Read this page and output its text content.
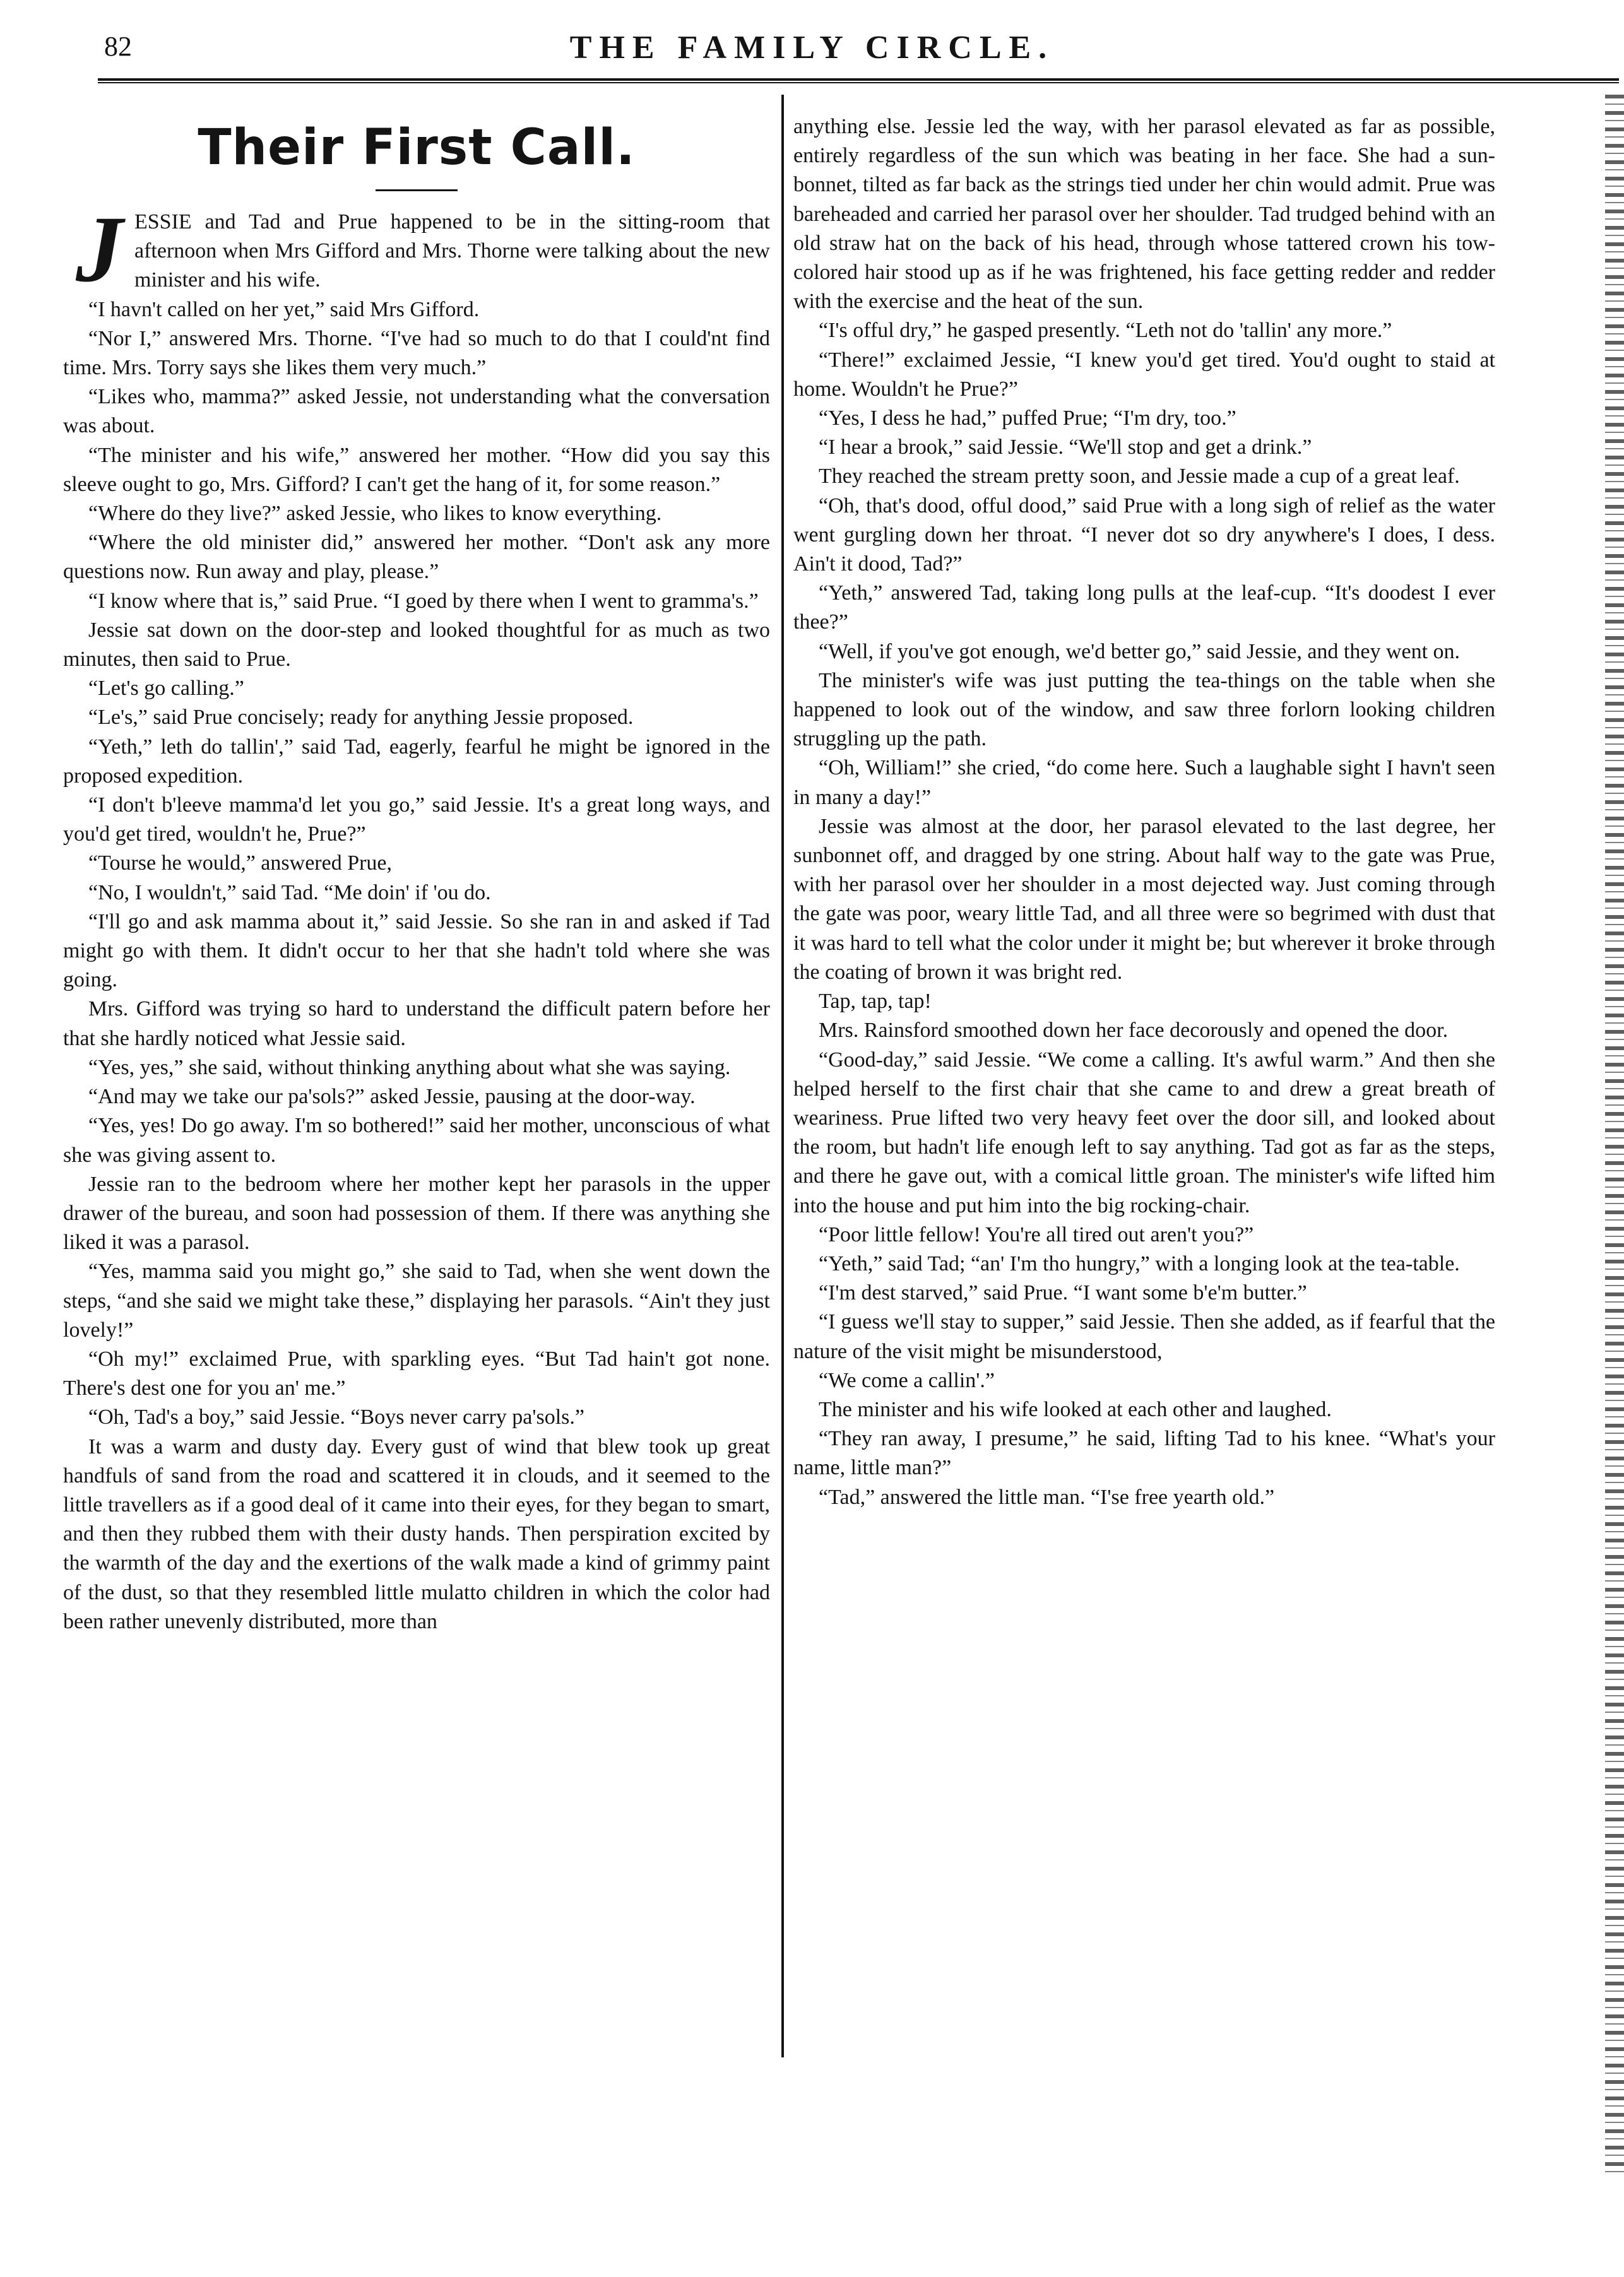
82	THE FAMILY CIRCLE.
Their First Call.

JESSIE and Tad and Prue happened to be in the sitting-room that afternoon when Mrs Gifford and Mrs. Thorne were talking about the new minister and his wife.

“I havn't called on her yet,” said Mrs Gifford.

“Nor I,” answered Mrs. Thorne. “I've had so much to do that I could'nt find time. Mrs. Torry says she likes them very much.”

“Likes who, mamma?” asked Jessie, not understanding what the conversation was about.

“The minister and his wife,” answered her mother. “How did you say this sleeve ought to go, Mrs. Gifford? I can't get the hang of it, for some reason.”

“Where do they live?” asked Jessie, who likes to know everything.

“Where the old minister did,” answered her mother. “Don't ask any more questions now. Run away and play, please.”

“I know where that is,” said Prue. “I goed by there when I went to gramma's.”

Jessie sat down on the door-step and looked thoughtful for as much as two minutes, then said to Prue.

“Let's go calling.”

“Le's,” said Prue concisely; ready for anything Jessie proposed.

“Yeth,” leth do tallin',” said Tad, eagerly, fearful he might be ignored in the proposed expedition.

“I don't b'leeve mamma'd let you go,” said Jessie. It's a great long ways, and you'd get tired, wouldn't he, Prue?”

“Tourse he would,” answered Prue,

“No, I wouldn't,” said Tad. “Me doin' if 'ou do.

“I'll go and ask mamma about it,” said Jessie. So she ran in and asked if Tad might go with them. It didn't occur to her that she hadn't told where she was going.

Mrs. Gifford was trying so hard to understand the difficult patern before her that she hardly noticed what Jessie said.

“Yes, yes,” she said, without thinking anything about what she was saying.

“And may we take our pa'sols?” asked Jessie, pausing at the door-way.

“Yes, yes! Do go away. I'm so bothered!” said her mother, unconscious of what she was giving assent to.

Jessie ran to the bedroom where her mother kept her parasols in the upper drawer of the bureau, and soon had possession of them. If there was anything she liked it was a parasol.

“Yes, mamma said you might go,” she said to Tad, when she went down the steps, “and she said we might take these,” displaying her parasols. “Ain't they just lovely!”

“Oh my!” exclaimed Prue, with sparkling eyes. “But Tad hain't got none. There's dest one for you an' me.”

“Oh, Tad's a boy,” said Jessie. “Boys never carry pa'sols.”

It was a warm and dusty day. Every gust of wind that blew took up great handfuls of sand from the road and scattered it in clouds, and it seemed to the little travellers as if a good deal of it came into their eyes, for they began to smart, and then they rubbed them with their dusty hands. Then perspiration excited by the warmth of the day and the exertions of the walk made a kind of grimmy paint of the dust, so that they resembled little mulatto children in which the color had been rather unevenly distributed, more than

anything else. Jessie led the way, with her parasol elevated as far as possible, entirely regardless of the sun which was beating in her face. She had a sun-bonnet, tilted as far back as the strings tied under her chin would admit. Prue was bareheaded and carried her parasol over her shoulder. Tad trudged behind with an old straw hat on the back of his head, through whose tattered crown his tow-colored hair stood up as if he was frightened, his face getting redder and redder with the exercise and the heat of the sun.

“I's offul dry,” he gasped presently. “Leth not do 'tallin' any more.”

“There!” exclaimed Jessie, “I knew you'd get tired. You'd ought to staid at home. Wouldn't he Prue?”

“Yes, I dess he had,” puffed Prue; “I'm dry, too.”

“I hear a brook,” said Jessie. “We'll stop and get a drink.”

They reached the stream pretty soon, and Jessie made a cup of a great leaf.

“Oh, that's dood, offul dood,” said Prue with a long sigh of relief as the water went gurgling down her throat. “I never dot so dry anywhere's I does, I dess. Ain't it dood, Tad?”

“Yeth,” answered Tad, taking long pulls at the leaf-cup. “It's doodest I ever thee?”

“Well, if you've got enough, we'd better go,” said Jessie, and they went on.

The minister's wife was just putting the tea-things on the table when she happened to look out of the window, and saw three forlorn looking children struggling up the path.

“Oh, William!” she cried, “do come here. Such a laughable sight I havn't seen in many a day!”

Jessie was almost at the door, her parasol elevated to the last degree, her sunbonnet off, and dragged by one string. About half way to the gate was Prue, with her parasol over her shoulder in a most dejected way. Just coming through the gate was poor, weary little Tad, and all three were so begrimed with dust that it was hard to tell what the color under it might be; but wherever it broke through the coating of brown it was bright red.

Tap, tap, tap!

Mrs. Rainsford smoothed down her face decorously and opened the door.

“Good-day,” said Jessie. “We come a calling. It's awful warm.” And then she helped herself to the first chair that she came to and drew a great breath of weariness. Prue lifted two very heavy feet over the door sill, and looked about the room, but hadn't life enough left to say anything. Tad got as far as the steps, and there he gave out, with a comical little groan. The minister's wife lifted him into the house and put him into the big rocking-chair.

“Poor little fellow! You're all tired out aren't you?”

“Yeth,” said Tad; “an' I'm tho hungry,” with a longing look at the tea-table.

“I'm dest starved,” said Prue. “I want some b'e'm butter.”

“I guess we'll stay to supper,” said Jessie. Then she added, as if fearful that the nature of the visit might be misunderstood,

“We come a callin'.”

The minister and his wife looked at each other and laughed.

“They ran away, I presume,” he said, lifting Tad to his knee. “What's your name, little man?”

“Tad,” answered the little man. “I'se free yearth old.”
